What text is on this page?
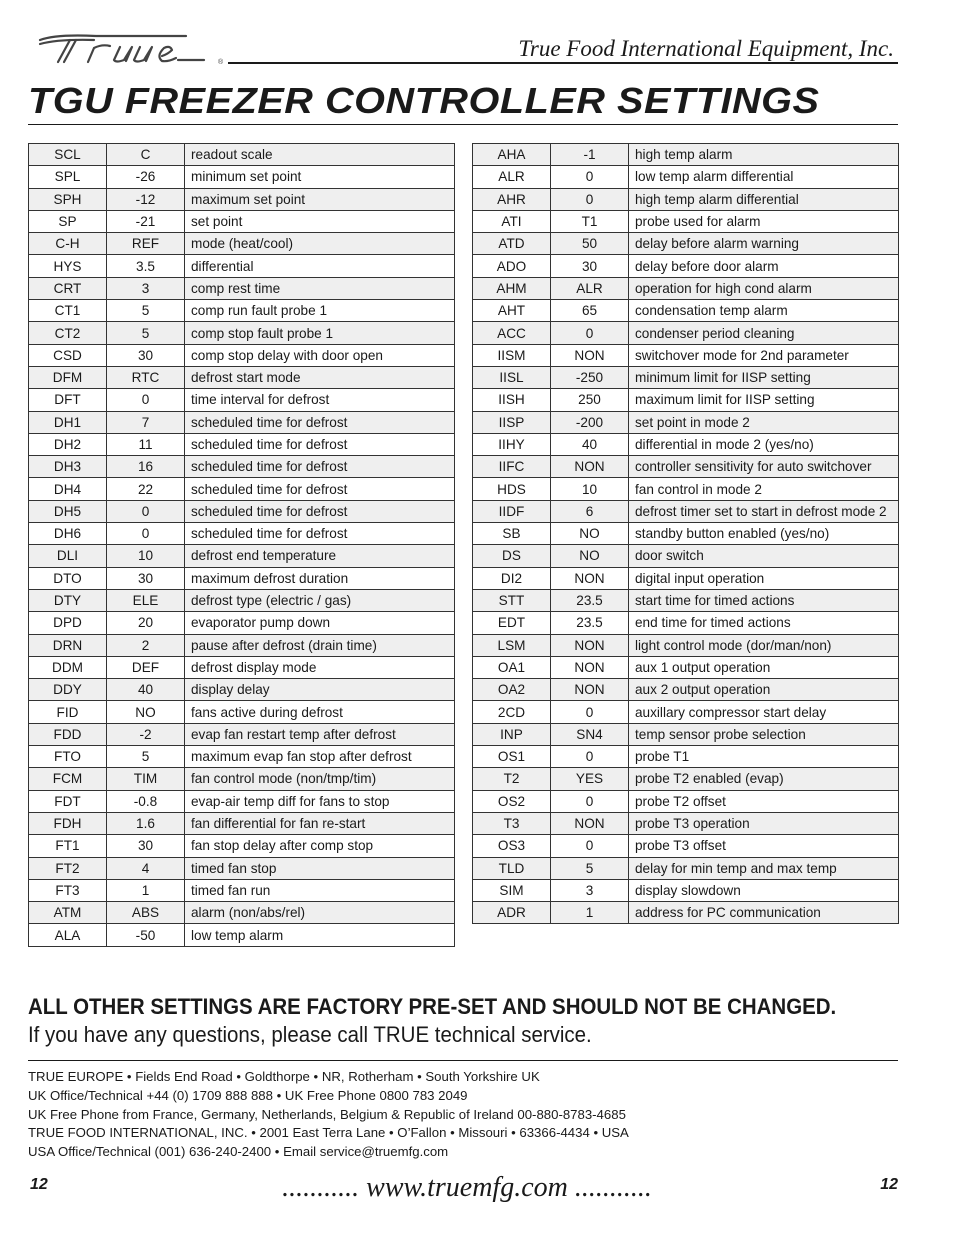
®
True Food International Equipment, Inc.
TGU FREEZER CONTROLLER SETTINGS
SCL	C	readout scale
SPL	-26	minimum set point
SPH	-12	maximum set point
SP	-21	set point
C-H	REF	mode (heat/cool)
HYS	3.5	differential
CRT	3	comp rest time
CT1	5	comp run fault probe 1
CT2	5	comp stop fault probe 1
CSD	30	comp stop delay with door open
DFM	RTC	defrost start mode
DFT	0	time interval for defrost
DH1	7	scheduled time for defrost
DH2	11	scheduled time for defrost
DH3	16	scheduled time for defrost
DH4	22	scheduled time for defrost
DH5	0	scheduled time for defrost
DH6	0	scheduled time for defrost
DLI	10	defrost end temperature
DTO	30	maximum defrost duration
DTY	ELE	defrost type (electric / gas)
DPD	20	evaporator pump down
DRN	2	pause after defrost (drain time)
DDM	DEF	defrost display mode
DDY	40	display delay
FID	NO	fans active during defrost
FDD	-2	evap fan restart temp after defrost
FTO	5	maximum evap fan stop after defrost
FCM	TIM	fan control mode (non/tmp/tim)
FDT	-0.8	evap-air temp diff for fans to stop
FDH	1.6	fan differential for fan re-start
FT1	30	fan stop delay after comp stop
FT2	4	timed fan stop
FT3	1	timed fan run
ATM	ABS	alarm (non/abs/rel)
ALA	-50	low temp alarm
AHA	-1	high temp alarm
ALR	0	low temp alarm differential
AHR	0	high temp alarm differential
ATI	T1	probe used for alarm
ATD	50	delay before alarm warning
ADO	30	delay before door alarm
AHM	ALR	operation for high cond alarm
AHT	65	condensation temp alarm
ACC	0	condenser period cleaning
IISM	NON	switchover mode for 2nd parameter
IISL	-250	minimum limit for IISP setting
IISH	250	maximum limit for IISP setting
IISP	-200	set point in mode 2
IIHY	40	differential in mode 2 (yes/no)
IIFC	NON	controller sensitivity for auto switchover
HDS	10	fan control in mode 2
IIDF	6	defrost timer set to start in defrost mode 2
SB	NO	standby button enabled (yes/no)
DS	NO	door switch
DI2	NON	digital input operation
STT	23.5	start time for timed actions
EDT	23.5	end time for timed actions
LSM	NON	light control mode (dor/man/non)
OA1	NON	aux 1 output operation
OA2	NON	aux 2 output operation
2CD	0	auxillary compressor start delay
INP	SN4	temp sensor probe selection
OS1	0	probe T1
T2	YES	probe T2 enabled (evap)
OS2	0	probe T2 offset
T3	NON	probe T3 operation
OS3	0	probe T3 offset
TLD	5	delay for min temp and max temp
SIM	3	display slowdown
ADR	1	address for PC communication
ALL OTHER SETTINGS ARE FACTORY PRE-SET AND SHOULD NOT BE CHANGED.
If you have any questions, please call TRUE technical service.
TRUE EUROPE • Fields End Road • Goldthorpe • NR, Rotherham • South Yorkshire UK
UK Office/Technical +44 (0) 1709 888 888 • UK Free Phone 0800 783 2049
UK Free Phone from France, Germany, Netherlands, Belgium & Republic of Ireland 00-880-8783-4685
TRUE FOOD INTERNATIONAL, INC. • 2001 East Terra Lane • O’Fallon • Missouri • 63366-4434 • USA
USA Office/Technical (001) 636-240-2400 • Email service@truemfg.com
12	........... www.truemfg.com ...........	12
